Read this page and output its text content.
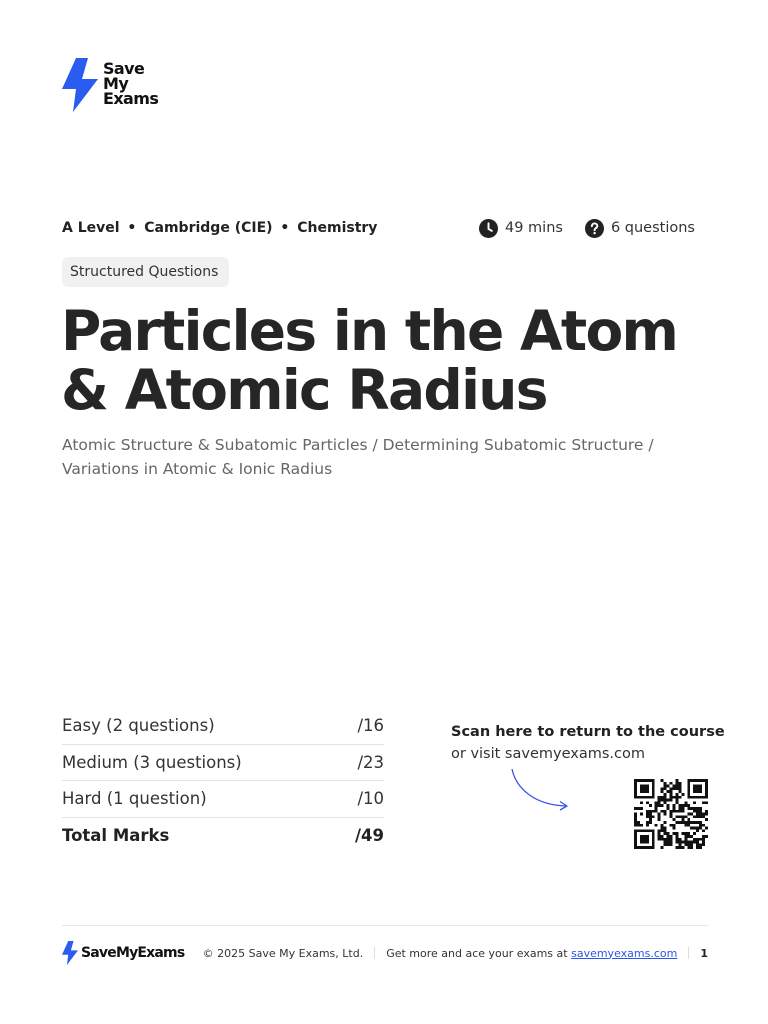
Save
My
Exams
A Level • Cambridge (CIE) • Chemistry	49 mins	6 questions
Structured Questions
Particles in the Atom
& Atomic Radius
Atomic Structure & Subatomic Particles / Determining Subatomic Structure /
Variations in Atomic & Ionic Radius
Easy (2 questions)	/16
Medium (3 questions)	/23
Hard (1 question)	/10
Total Marks	/49
Scan here to return to the course
or visit savemyexams.com
SaveMyExams © 2025 Save My Exams, Ltd. Get more and ace your exams at savemyexams.com 1
